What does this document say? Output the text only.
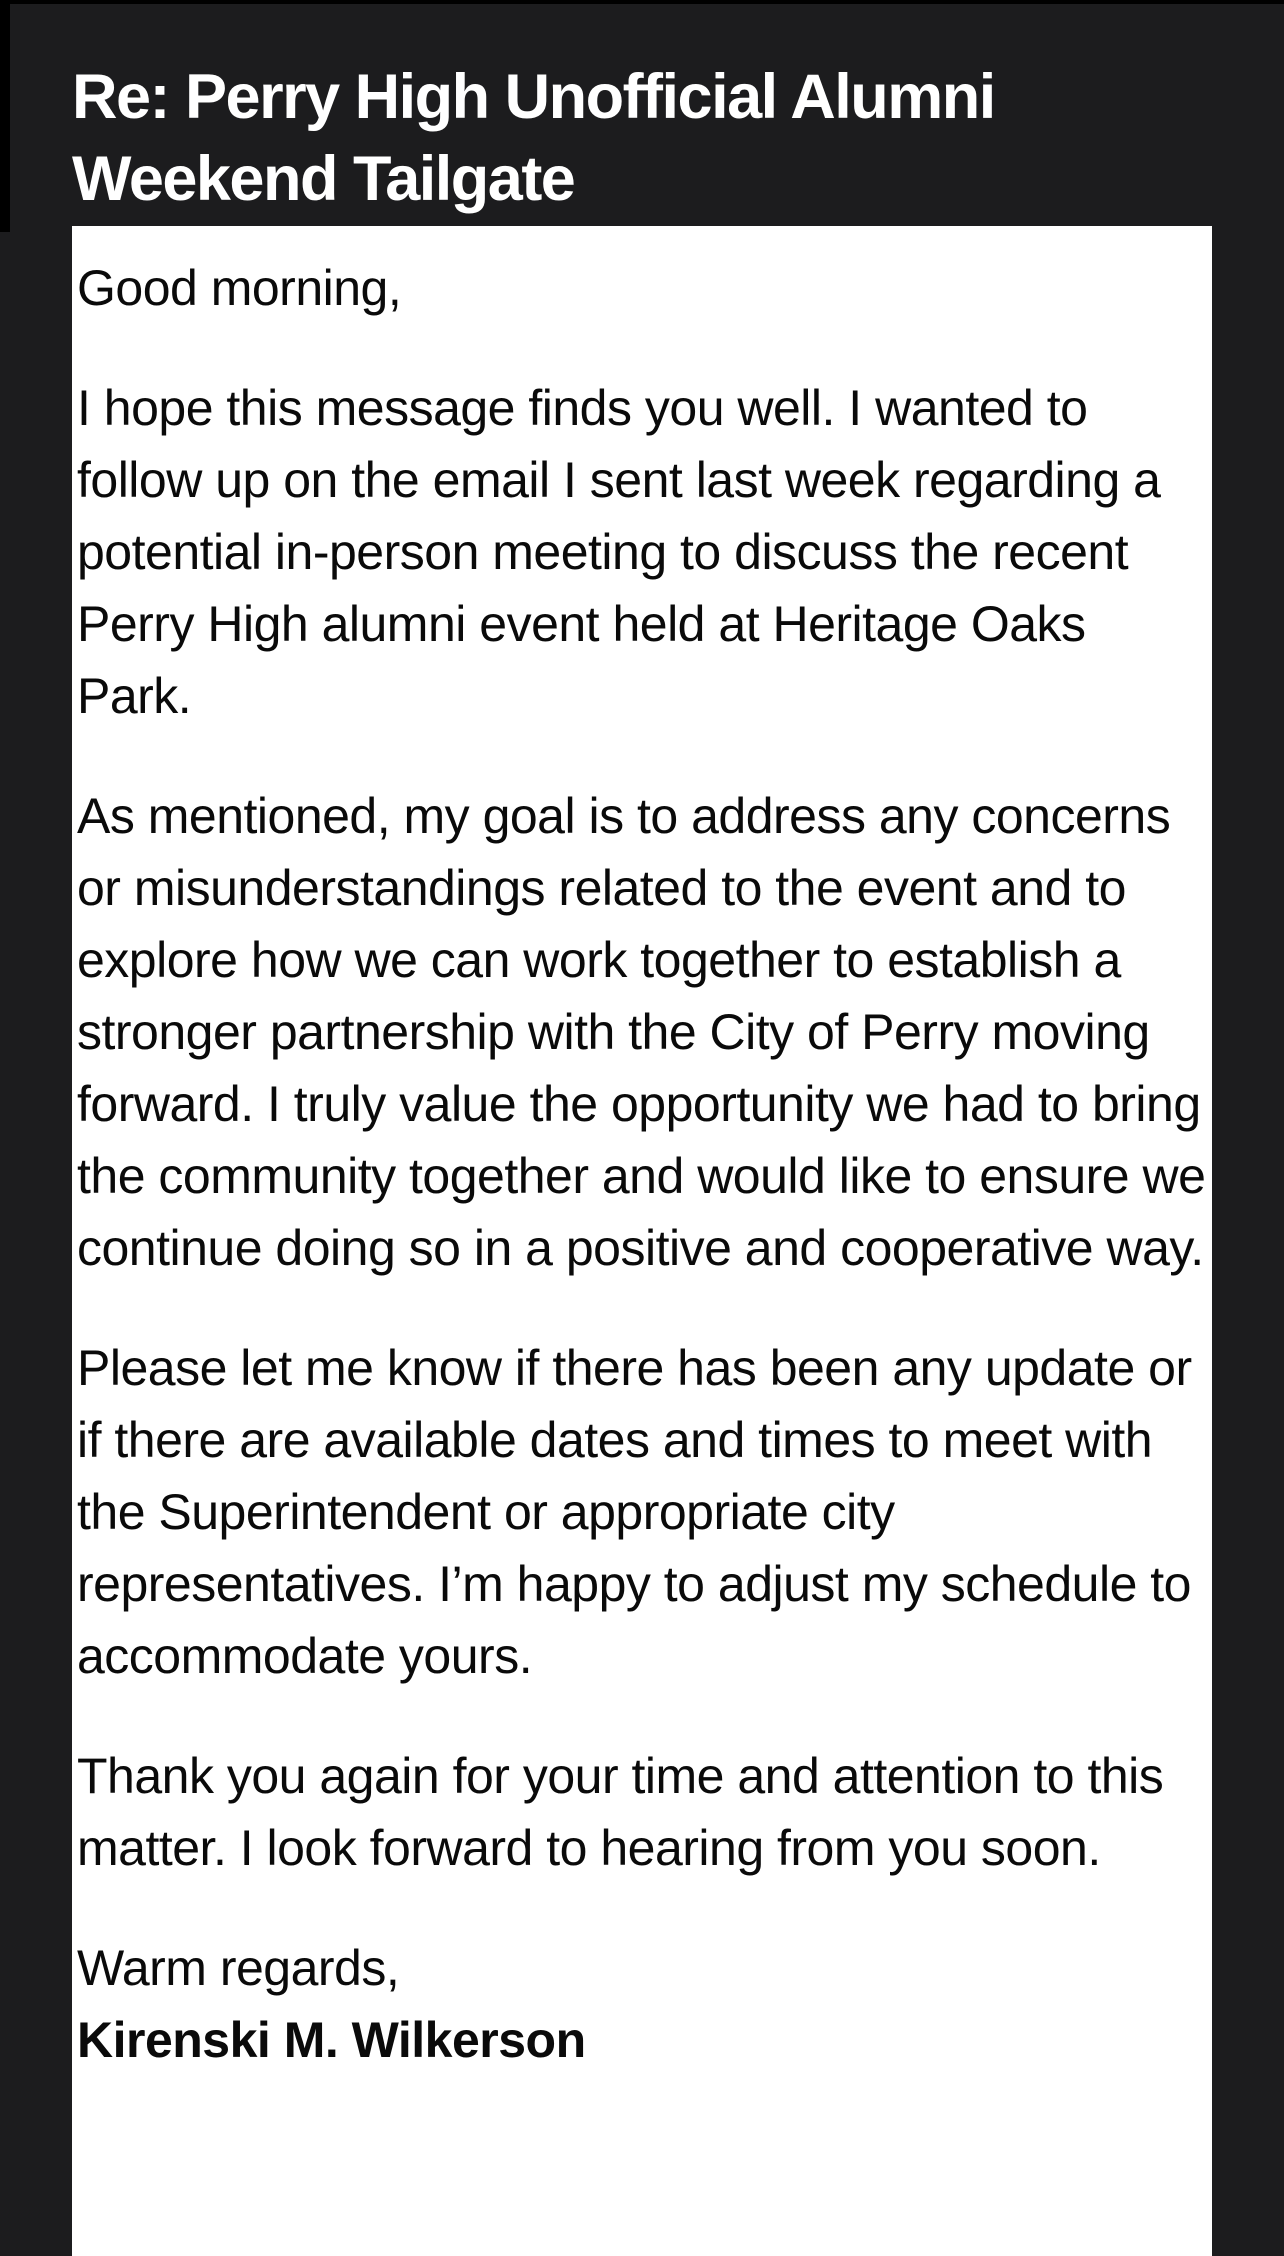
Re: Perry High Unofficial Alumni Weekend Tailgate

Good morning,

I hope this message finds you well. I wanted to follow up on the email I sent last week regarding a potential in-person meeting to discuss the recent Perry High alumni event held at Heritage Oaks Park.

As mentioned, my goal is to address any concerns or misunderstandings related to the event and to explore how we can work together to establish a stronger partnership with the City of Perry moving forward. I truly value the opportunity we had to bring the community together and would like to ensure we continue doing so in a positive and cooperative way.

Please let me know if there has been any update or if there are available dates and times to meet with the Superintendent or appropriate city representatives. I’m happy to adjust my schedule to accommodate yours.

Thank you again for your time and attention to this matter. I look forward to hearing from you soon.

Warm regards,
Kirenski M. Wilkerson
